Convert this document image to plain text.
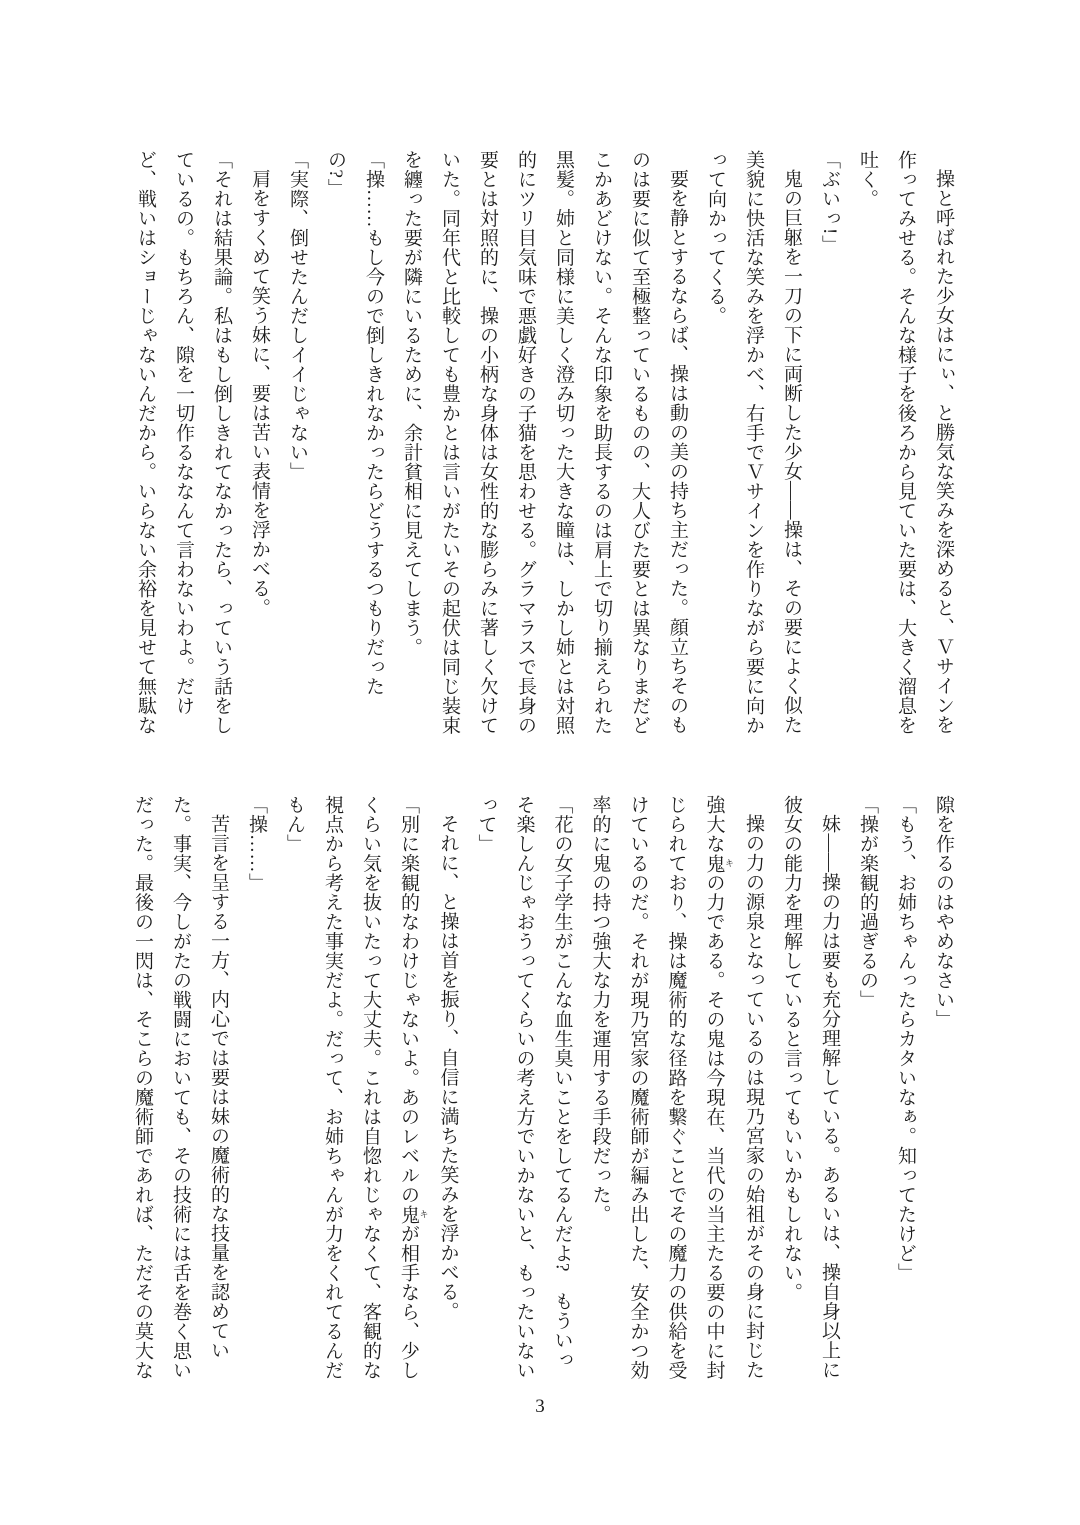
操と呼ばれた少女はにぃ、と勝気な笑みを深めると、Ｖサインを

作ってみせる。そんな様子を後ろから見ていた要は、大きく溜息を

吐く。

「ぶいっ!」

鬼の巨躯を一刀の下に両断した少女——操は、その要によく似た

美貌に快活な笑みを浮かべ、右手でＶサインを作りながら要に向か

って向かってくる。

要を静とするならば、操は動の美の持ち主だった。顔立ちそのも

のは要に似て至極整っているものの、大人びた要とは異なりまだど

こかあどけない。そんな印象を助長するのは肩上で切り揃えられた

黒髪。姉と同様に美しく澄み切った大きな瞳は、しかし姉とは対照

的にツリ目気味で悪戯好きの子猫を思わせる。グラマラスで長身の

要とは対照的に、操の小柄な身体は女性的な膨らみに著しく欠けて

いた。同年代と比較しても豊かとは言いがたいその起伏は同じ装束

を纏った要が隣にいるために、余計貧相に見えてしまう。

「操……もし今ので倒しきれなかったらどうするつもりだった

の?」

「実際、倒せたんだしイイじゃない」

肩をすくめて笑う妹に、要は苦い表情を浮かべる。

「それは結果論。私はもし倒しきれてなかったら、っていう話をし

ているの。もちろん、隙を一切作るななんて言わないわよ。だけ

ど、戦いはショーじゃないんだから。いらない余裕を見せて無駄な

隙を作るのはやめなさい」

「もう、お姉ちゃんったらカタいなぁ。知ってたけど」

「操が楽観的過ぎるの」

妹——操の力は要も充分理解している。あるいは、操自身以上に

彼女の能力を理解していると言ってもいいかもしれない。

操の力の源泉となっているのは現乃宮家の始祖がその身に封じた

強大な鬼 キの力である。その鬼は今現在、当代の当主たる要の中に封

じられており、操は魔術的な径路を繋ぐことでその魔力の供給を受

けているのだ。それが現乃宮家の魔術師が編み出した、安全かつ効

率的に鬼の持つ強大な力を運用する手段だった。

「花の女子学生がこんな血生臭いことをしてるんだよ?　もういっ

そ楽しんじゃおうってくらいの考え方でいかないと、もったいない

って」

それに、と操は首を振り、自信に満ちた笑みを浮かべる。

「別に楽観的なわけじゃないよ。あのレベルの鬼 キが相手なら、少し

くらい気を抜いたって大丈夫。これは自惚れじゃなくて、客観的な

視点から考えた事実だよ。だって、お姉ちゃんが力をくれてるんだ

もん」

「操……」

苦言を呈する一方、内心では要は妹の魔術的な技量を認めてい

た。事実、今しがたの戦闘においても、その技術には舌を巻く思い

だった。最後の一閃は、そこらの魔術師であれば、ただその莫大な

3
